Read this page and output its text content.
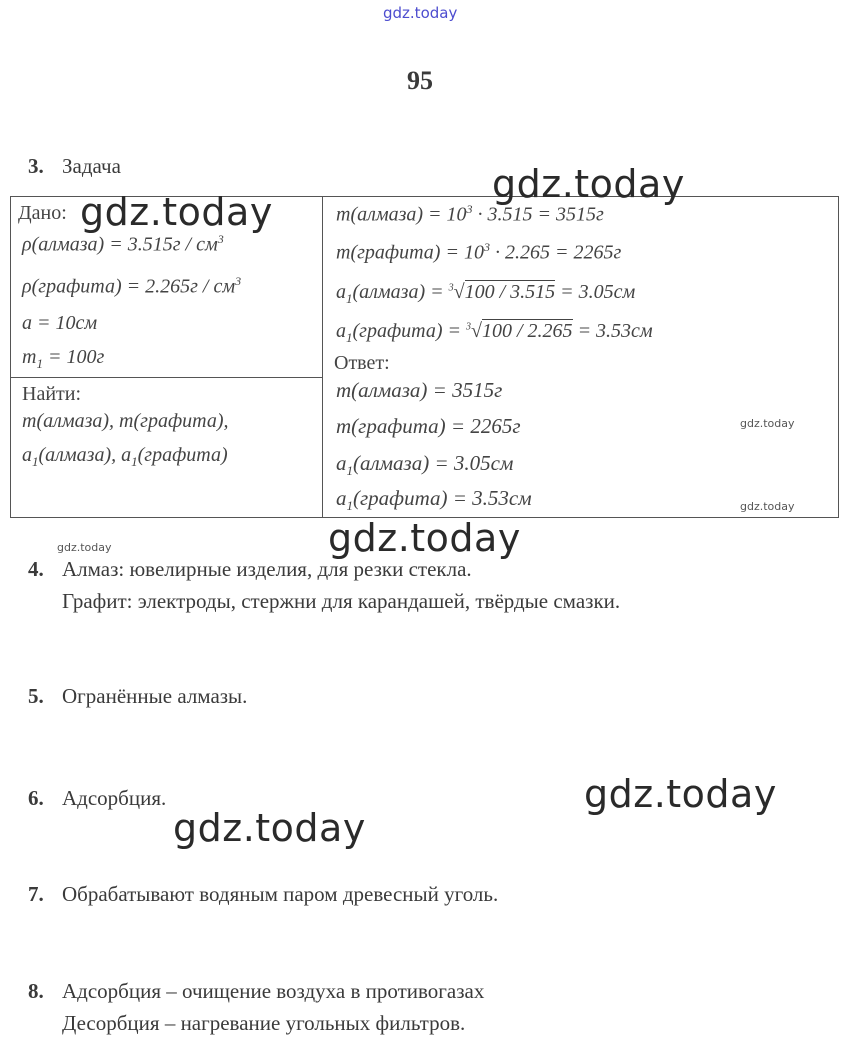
gdz.today
95
3. Задача
Дано:
ρ(алмаза) = $3.515г / см^3$
ρ(графита) = $2.265г / см^3$
a = 10см
$m_1 = 100г$
Найти:
m(алмаза), m(графита),
$a_1(алмаза)$, $a_1(графита)$
m(алмаза) = $10^3 \cdot 3.515 = 3515г$
m(графита) = $10^3 \cdot 2.265 = 2265г$
$a_1(алмаза) = ^3√100 / 3.515 = 3.05см$
$a_1(графита) = ^3√100 / 2.265 = 3.53см$
Ответ:
m(алмаза) = 3515г
m(графита) = 2265г
$a_1(алмаза) = 3.05см$
$a_1(графита) = 3.53см$
gdz.today
gdz.today
gdz.today
gdz.today
gdz.today
gdz.today
4. Алмаз: ювелирные изделия, для резки стекла.
Графит: электроды, стержни для карандашей, твёрдые смазки.
5. Огранённые алмазы.
6. Адсорбция.	gdz.today
gdz.today
7. Обрабатывают водяным паром древесный уголь.
8. Адсорбция – очищение воздуха в противогазах
Десорбция – нагревание угольных фильтров.
